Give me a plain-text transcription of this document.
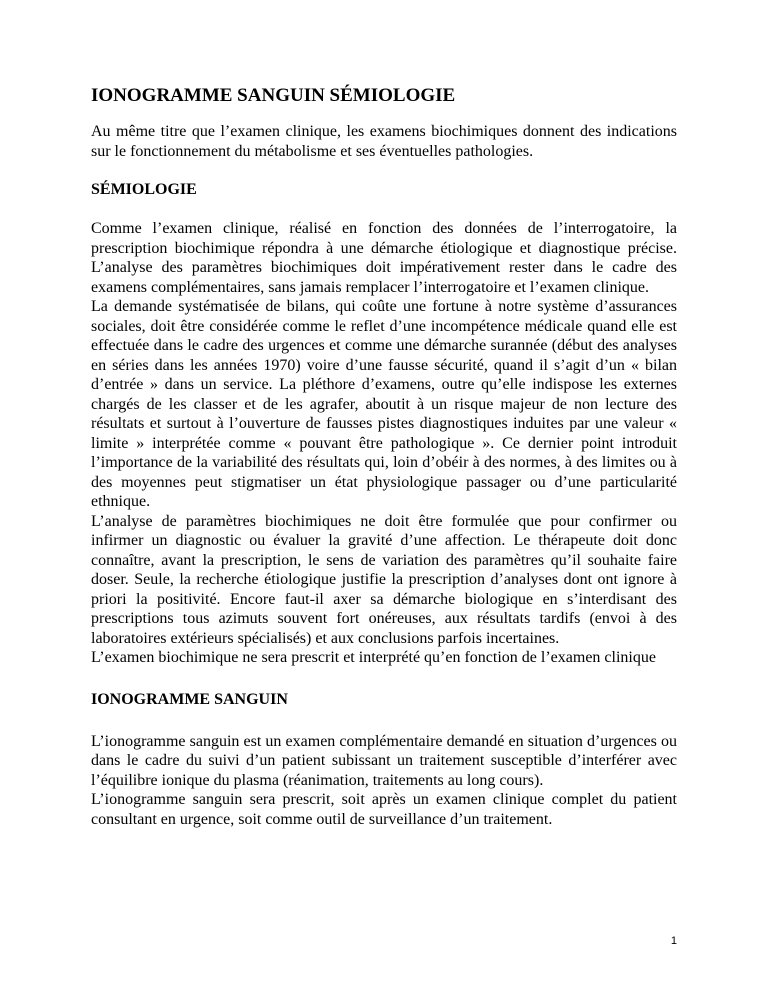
IONOGRAMME SANGUIN SÉMIOLOGIE

Au même titre que l’examen clinique, les examens biochimiques donnent des indications sur le fonctionnement du métabolisme et ses éventuelles pathologies.

SÉMIOLOGIE

Comme l’examen clinique, réalisé en fonction des données de l’interrogatoire, la prescription biochimique répondra à une démarche étiologique et diagnostique précise. L’analyse des paramètres biochimiques doit impérativement rester dans le cadre des examens complémentaires, sans jamais remplacer l’interrogatoire et l’examen clinique.

La demande systématisée de bilans, qui coûte une fortune à notre système d’assurances sociales, doit être considérée comme le reflet d’une incompétence médicale quand elle est effectuée dans le cadre des urgences et comme une démarche surannée (début des analyses en séries dans les années 1970) voire d’une fausse sécurité, quand il s’agit d’un « bilan d’entrée » dans un service. La pléthore d’examens, outre qu’elle indispose les externes chargés de les classer et de les agrafer, aboutit à un risque majeur de non lecture des résultats et surtout à l’ouverture de fausses pistes diagnostiques induites par une valeur « limite » interprétée comme « pouvant être pathologique ». Ce dernier point introduit l’importance de la variabilité des résultats qui, loin d’obéir à des normes, à des limites ou à des moyennes peut stigmatiser un état physiologique passager ou d’une particularité ethnique.

L’analyse de paramètres biochimiques ne doit être formulée que pour confirmer ou infirmer un diagnostic ou évaluer la gravité d’une affection. Le thérapeute doit donc connaître, avant la prescription, le sens de variation des paramètres qu’il souhaite faire doser. Seule, la recherche étiologique justifie la prescription d’analyses dont ont ignore à priori la positivité. Encore faut-il axer sa démarche biologique en s’interdisant des prescriptions tous azimuts souvent fort onéreuses, aux résultats tardifs (envoi à des laboratoires extérieurs spécialisés) et aux conclusions parfois incertaines.

L’examen biochimique ne sera prescrit et interprété qu’en fonction de l’examen clinique

IONOGRAMME SANGUIN

L’ionogramme sanguin est un examen complémentaire demandé en situation d’urgences ou dans le cadre du suivi d’un patient subissant un traitement susceptible d’interférer avec l’équilibre ionique du plasma (réanimation, traitements au long cours).

L’ionogramme sanguin sera prescrit, soit après un examen clinique complet du patient consultant en urgence, soit comme outil de surveillance d’un traitement.

1
